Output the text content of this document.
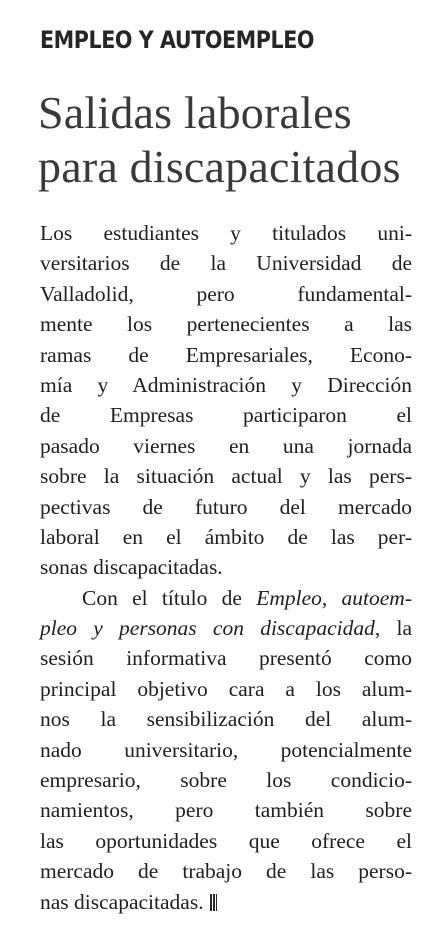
EMPLEO Y AUTOEMPLEO
Salidas laborales
para discapacitados
Los estudiantes y titulados uni-
versitarios de la Universidad de
Valladolid, pero fundamental-
mente los pertenecientes a las
ramas de Empresariales, Econo-
mía y Administración y Dirección
de Empresas participaron el
pasado viernes en una jornada
sobre la situación actual y las pers-
pectivas de futuro del mercado
laboral en el ámbito de las per-
sonas discapacitadas.
Con el título de Empleo, autoem-
pleo y personas con discapacidad, la
sesión informativa presentó como
principal objetivo cara a los alum-
nos la sensibilización del alum-
nado universitario, potencialmente
empresario, sobre los condicio-
namientos, pero también sobre
las oportunidades que ofrece el
mercado de trabajo de las perso-
nas discapacitadas.
